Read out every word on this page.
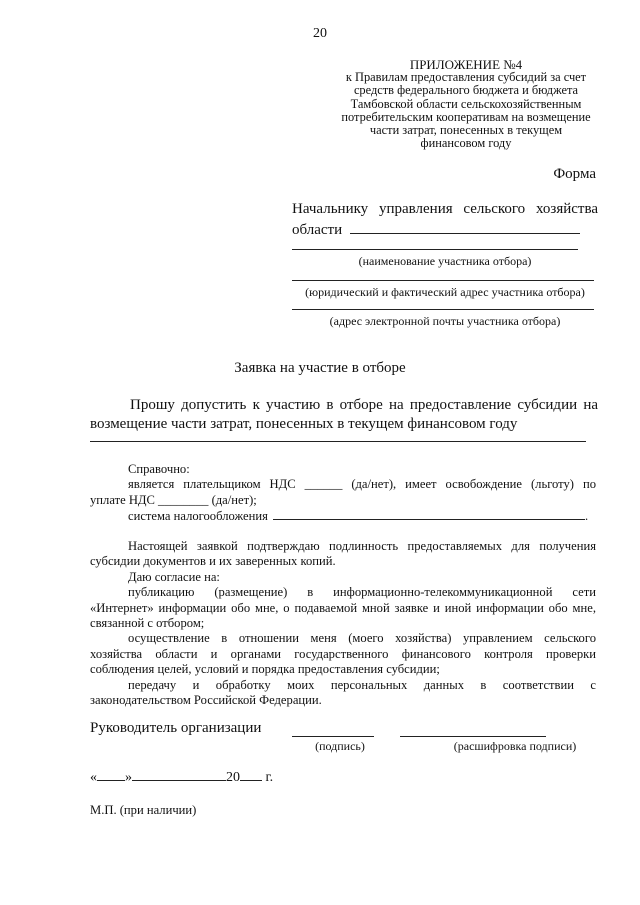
20
ПРИЛОЖЕНИЕ №4
к Правилам предоставления субсидий за счет
средств федерального бюджета и бюджета
Тамбовской области сельскохозяйственным
потребительским кооперативам на возмещение
части затрат, понесенных в текущем
финансовом году
Форма
Начальнику управления сельского хозяйства
области
(наименование участника отбора)
(юридический и фактический адрес участника отбора)
(адрес электронной почты участника отбора)
Заявка на участие в отборе
Прошу допустить к участию в отборе на предоставление субсидии на
возмещение части затрат, понесенных в текущем финансовом году
Справочно:
является плательщиком НДС ______ (да/нет), имеет освобождение (льготу) по
уплате НДС ________ (да/нет);
система налогообложения	.
Настоящей заявкой подтверждаю подлинность предоставляемых для получения
субсидии документов и их заверенных копий.
Даю согласие на:
публикацию (размещение) в информационно-телекоммуникационной сети
«Интернет» информации обо мне, о подаваемой мной заявке и иной информации обо мне,
связанной с отбором;
осуществление в отношении меня (моего хозяйства) управлением сельского
хозяйства области и органами государственного финансового контроля проверки
соблюдения целей, условий и порядка предоставления субсидии;
передачу и обработку моих персональных данных в соответствии с
законодательством Российской Федерации.
Руководитель организации
(подпись)	(расшифровка подписи)
« »	20 г.
М.П. (при наличии)
